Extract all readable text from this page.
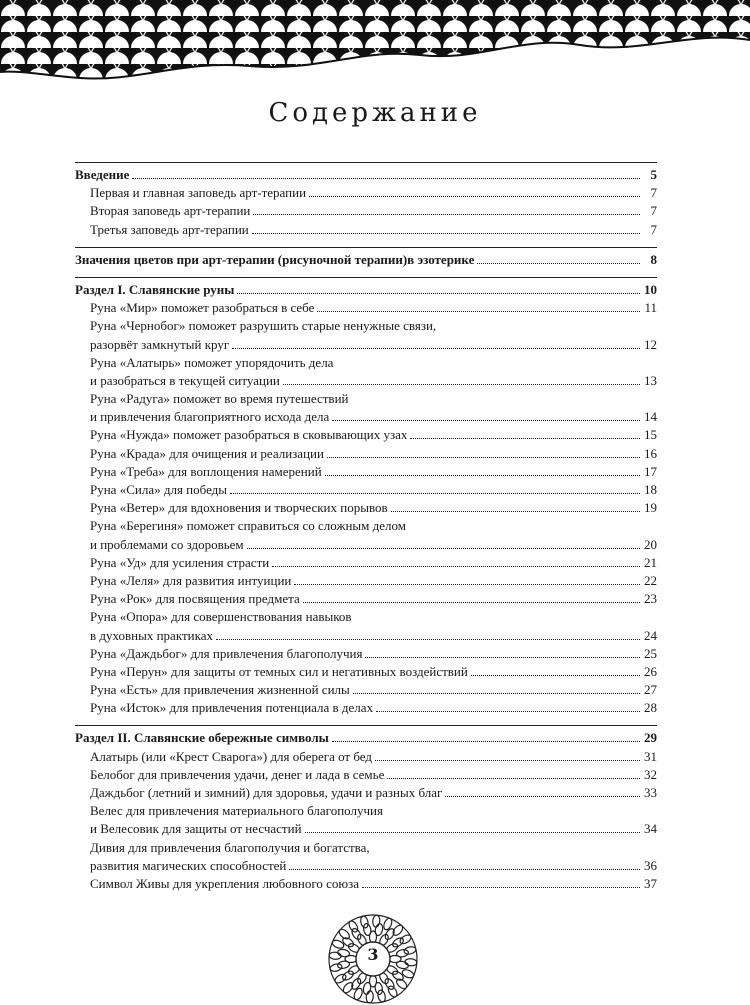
Содержание
Введение	5
Первая и главная заповедь арт-терапии	7
Вторая заповедь арт-терапии	7
Третья заповедь арт-терапии	7
Значения цветов при арт-терапии (рисуночной терапии)в эзотерике	8
Раздел I. Славянские руны	10
Руна «Мир» поможет разобраться в себе	11
Руна «Чернобог» поможет разрушить старые ненужные связи,
разорвёт замкнутый круг	12
Руна «Алатырь» поможет упорядочить дела
и разобраться в текущей ситуации	13
Руна «Радуга» поможет во время путешествий
и привлечения благоприятного исхода дела	14
Руна «Нужда» поможет разобраться в сковывающих узах	15
Руна «Крада» для очищения и реализации	16
Руна «Треба» для воплощения намерений	17
Руна «Сила» для победы	18
Руна «Ветер» для вдохновения и творческих порывов	19
Руна «Берегиня» поможет справиться со сложным делом
и проблемами со здоровьем	20
Руна «Уд» для усиления страсти	21
Руна «Леля» для развития интуиции	22
Руна «Рок» для посвящения предмета	23
Руна «Опора» для совершенствования навыков
в духовных практиках	24
Руна «Даждьбог» для привлечения благополучия	25
Руна «Перун» для защиты от темных сил и негативных воздействий	26
Руна «Есть» для привлечения жизненной силы	27
Руна «Исток» для привлечения потенциала в делах	28
Раздел II. Славянские обережные символы	29
Алатырь (или «Крест Сварога») для оберега от бед	31
Белобог для привлечения удачи, денег и лада в семье	32
Даждьбог (летний и зимний) для здоровья, удачи и разных благ	33
Велес для привлечения материального благополучия
и Велесовик для защиты от несчастий	34
Дивия для привлечения благополучия и богатства,
развития магических способностей	36
Символ Живы для укрепления любовного союза	37
3
